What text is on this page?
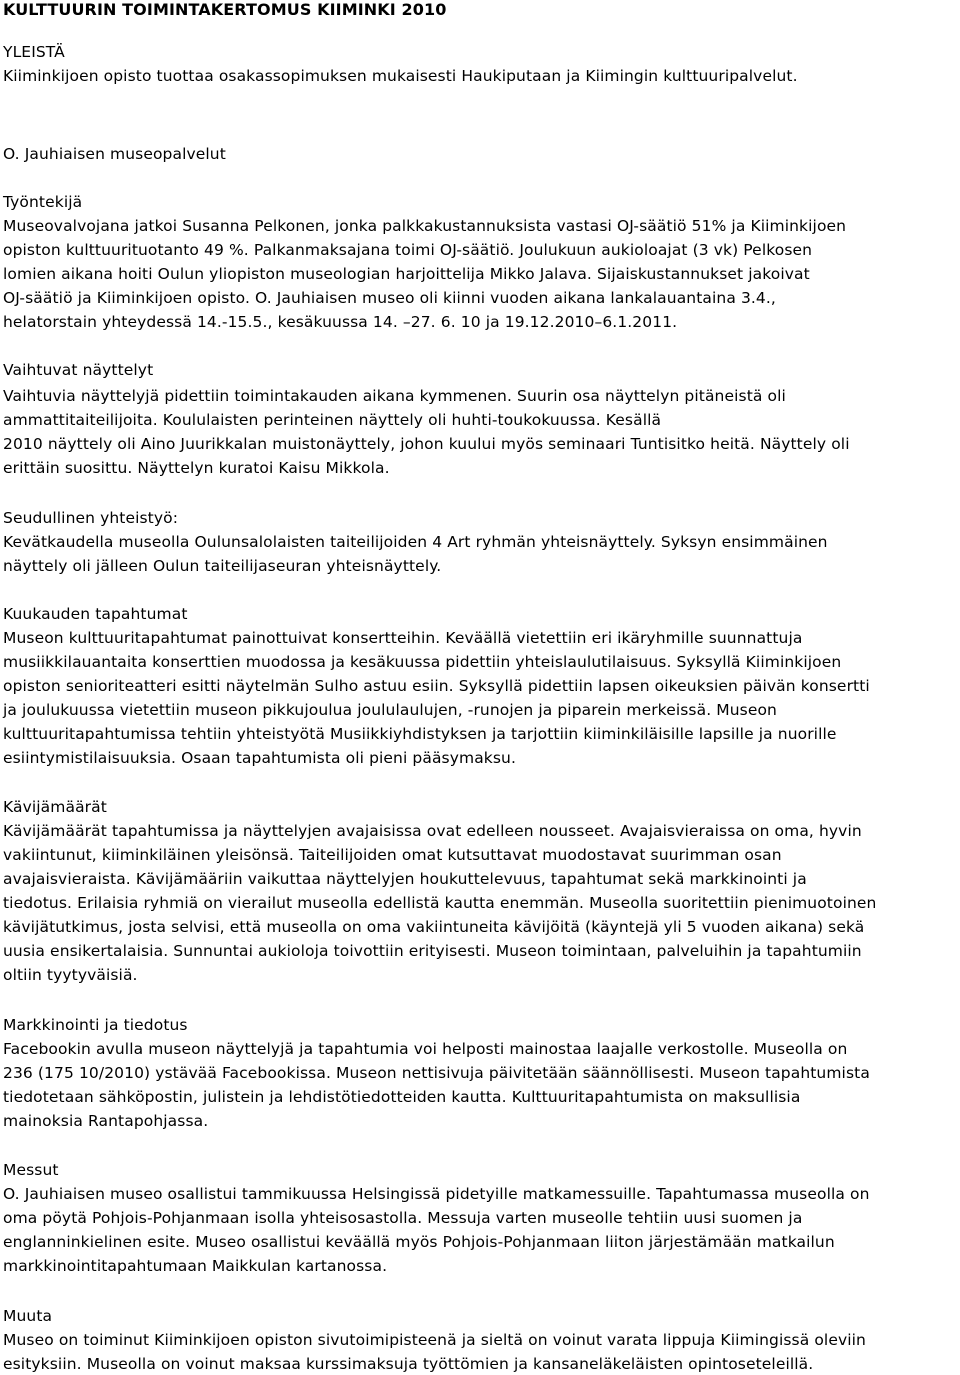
KULTTUURIN TOIMINTAKERTOMUS KIIMINKI 2010
YLEISTÄ
Kiiminkijoen opisto tuottaa osakassopimuksen mukaisesti Haukiputaan ja Kiimingin kulttuuripalvelut.
O. Jauhiaisen museopalvelut
Työntekijä
Museovalvojana jatkoi Susanna Pelkonen, jonka palkkakustannuksista vastasi OJ-säätiö 51% ja Kiiminkijoen
opiston kulttuurituotanto 49 %. Palkanmaksajana toimi OJ-säätiö. Joulukuun aukioloajat (3 vk) Pelkosen
lomien aikana hoiti Oulun yliopiston museologian harjoittelija Mikko Jalava. Sijaiskustannukset jakoivat
OJ-säätiö ja Kiiminkijoen opisto. O. Jauhiaisen museo oli kiinni vuoden aikana lankalauantaina 3.4.,
helatorstain yhteydessä 14.-15.5., kesäkuussa 14. –27. 6. 10 ja 19.12.2010–6.1.2011.
Vaihtuvat näyttelyt
Vaihtuvia näyttelyjä pidettiin toimintakauden aikana kymmenen. Suurin osa näyttelyn pitäneistä oli
ammattitaiteilijoita. Koululaisten perinteinen näyttely oli huhti-toukokuussa. Kesällä
2010 näyttely oli Aino Juurikkalan muistonäyttely, johon kuului myös seminaari Tuntisitko heitä. Näyttely oli
erittäin suosittu. Näyttelyn kuratoi Kaisu Mikkola.
Seudullinen yhteistyö:
Kevätkaudella museolla Oulunsalolaisten taiteilijoiden 4 Art ryhmän yhteisnäyttely. Syksyn ensimmäinen
näyttely oli jälleen Oulun taiteilijaseuran yhteisnäyttely.
Kuukauden tapahtumat
Museon kulttuuritapahtumat painottuivat konsertteihin. Keväällä vietettiin eri ikäryhmille suunnattuja
musiikkilauantaita konserttien muodossa ja kesäkuussa pidettiin yhteislaulutilaisuus. Syksyllä Kiiminkijoen
opiston senioriteatteri esitti näytelmän Sulho astuu esiin. Syksyllä pidettiin lapsen oikeuksien päivän konsertti
ja joulukuussa vietettiin museon pikkujoulua joululaulujen, -runojen ja piparein merkeissä. Museon
kulttuuritapahtumissa tehtiin yhteistyötä Musiikkiyhdistyksen ja tarjottiin kiiminkiläisille lapsille ja nuorille
esiintymistilaisuuksia. Osaan tapahtumista oli pieni pääsymaksu.
Kävijämäärät
Kävijämäärät tapahtumissa ja näyttelyjen avajaisissa ovat edelleen nousseet. Avajaisvieraissa on oma, hyvin
vakiintunut, kiiminkiläinen yleisönsä. Taiteilijoiden omat kutsuttavat muodostavat suurimman osan
avajaisvieraista. Kävijämääriin vaikuttaa näyttelyjen houkuttelevuus, tapahtumat sekä markkinointi ja
tiedotus. Erilaisia ryhmiä on vierailut museolla edellistä kautta enemmän. Museolla suoritettiin pienimuotoinen
kävijätutkimus, josta selvisi, että museolla on oma vakiintuneita kävijöitä (käyntejä yli 5 vuoden aikana) sekä
uusia ensikertalaisia. Sunnuntai aukioloja toivottiin erityisesti. Museon toimintaan, palveluihin ja tapahtumiin
oltiin tyytyväisiä.
Markkinointi ja tiedotus
Facebookin avulla museon näyttelyjä ja tapahtumia voi helposti mainostaa laajalle verkostolle. Museolla on
236 (175 10/2010) ystävää Facebookissa. Museon nettisivuja päivitetään säännöllisesti. Museon tapahtumista
tiedotetaan sähköpostin, julistein ja lehdistötiedotteiden kautta. Kulttuuritapahtumista on maksullisia
mainoksia Rantapohjassa.
Messut
O. Jauhiaisen museo osallistui tammikuussa Helsingissä pidetyille matkamessuille. Tapahtumassa museolla on
oma pöytä Pohjois-Pohjanmaan isolla yhteisosastolla. Messuja varten museolle tehtiin uusi suomen ja
englanninkielinen esite. Museo osallistui keväällä myös Pohjois-Pohjanmaan liiton järjestämään matkailun
markkinointitapahtumaan Maikkulan kartanossa.
Muuta
Museo on toiminut Kiiminkijoen opiston sivutoimipisteenä ja sieltä on voinut varata lippuja Kiimingissä oleviin
esityksiin. Museolla on voinut maksaa kurssimaksuja työttömien ja kansaneläkeläisten opintoseteleillä.
